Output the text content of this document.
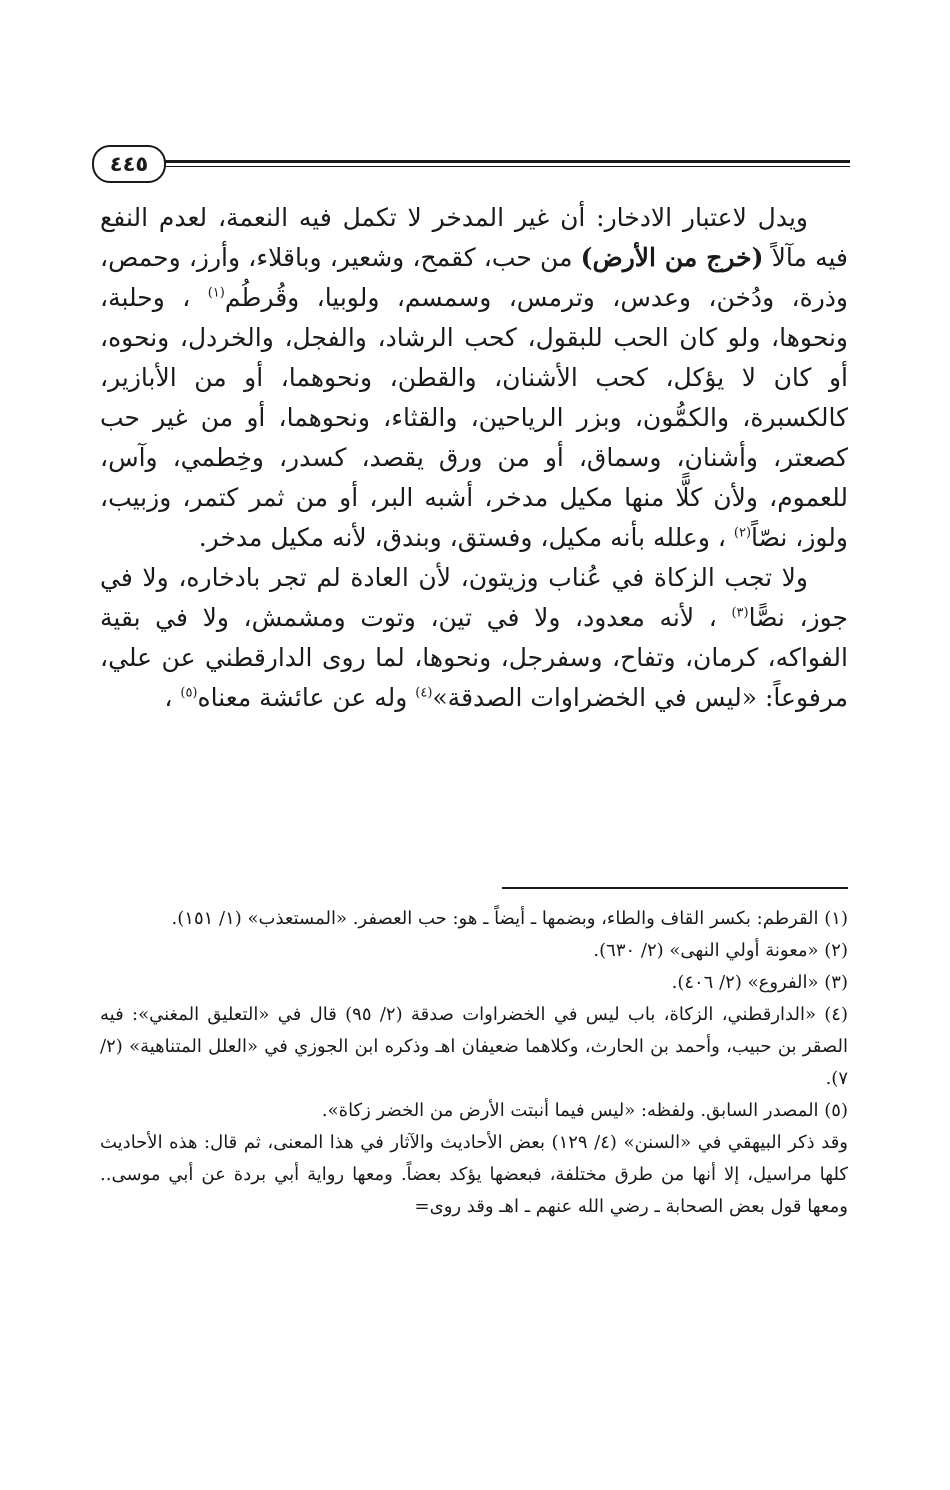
٤٤٥

ويدل لاعتبار الادخار: أن غير المدخر لا تكمل فيه النعمة، لعدم النفع فيه مآلاً (خرج من الأرض) من حب، كقمح، وشعير، وباقلاء، وأرز، وحمص، وذرة، ودُخن، وعدس، وترمس، وسمسم، ولوبيا، وقُرطُم$^{(١)}$ ، وحلبة، ونحوها، ولو كان الحب للبقول، كحب الرشاد، والفجل، والخردل، ونحوه، أو كان لا يؤكل، كحب الأشنان، والقطن، ونحوهما، أو من الأبازير، كالكسبرة، والكمُّون، وبزر الرياحين، والقثاء، ونحوهما، أو من غير حب كصعتر، وأشنان، وسماق، أو من ورق يقصد، كسدر، وخِطمي، وآس، للعموم، ولأن كلًّا منها مكيل مدخر، أشبه البر، أو من ثمر كتمر، وزبيب، ولوز، نصّاً$^{(٢)}$ ، وعلله بأنه مكيل، وفستق، وبندق، لأنه مكيل مدخر.

ولا تجب الزكاة في عُناب وزيتون، لأن العادة لم تجر بادخاره، ولا في جوز، نصًّا$^{(٣)}$ ، لأنه معدود، ولا في تين، وتوت ومشمش، ولا في بقية الفواكه، كرمان، وتفاح، وسفرجل، ونحوها، لما روى الدارقطني عن علي، مرفوعاً: «ليس في الخضراوات الصدقة»$^{(٤)}$ وله عن عائشة معناه$^{(٥)}$ ،

(١) القرطم: بكسر القاف والطاء، وبضمها ـ أيضاً ـ هو: حب العصفر. «المستعذب» (١/ ١٥١).

(٢) «معونة أولي النهى» (٢/ ٦٣٠).

(٣) «الفروع» (٢/ ٤٠٦).

(٤) «الدارقطني، الزكاة، باب ليس في الخضراوات صدقة (٢/ ٩٥) قال في «التعليق المغني»: فيه الصقر بن حبيب، وأحمد بن الحارث، وكلاهما ضعيفان اهـ وذكره ابن الجوزي في «العلل المتناهية» (٢/ ٧).

(٥) المصدر السابق. ولفظه: «ليس فيما أنبتت الأرض من الخضر زكاة».

وقد ذكر البيهقي في «السنن» (٤/ ١٢٩) بعض الأحاديث والآثار في هذا المعنى، ثم قال: هذه الأحاديث كلها مراسيل، إلا أنها من طرق مختلفة، فبعضها يؤكد بعضاً. ومعها رواية أبي بردة عن أبي موسى.. ومعها قول بعض الصحابة ـ رضي الله عنهم ـ اهـ وقد روى=
